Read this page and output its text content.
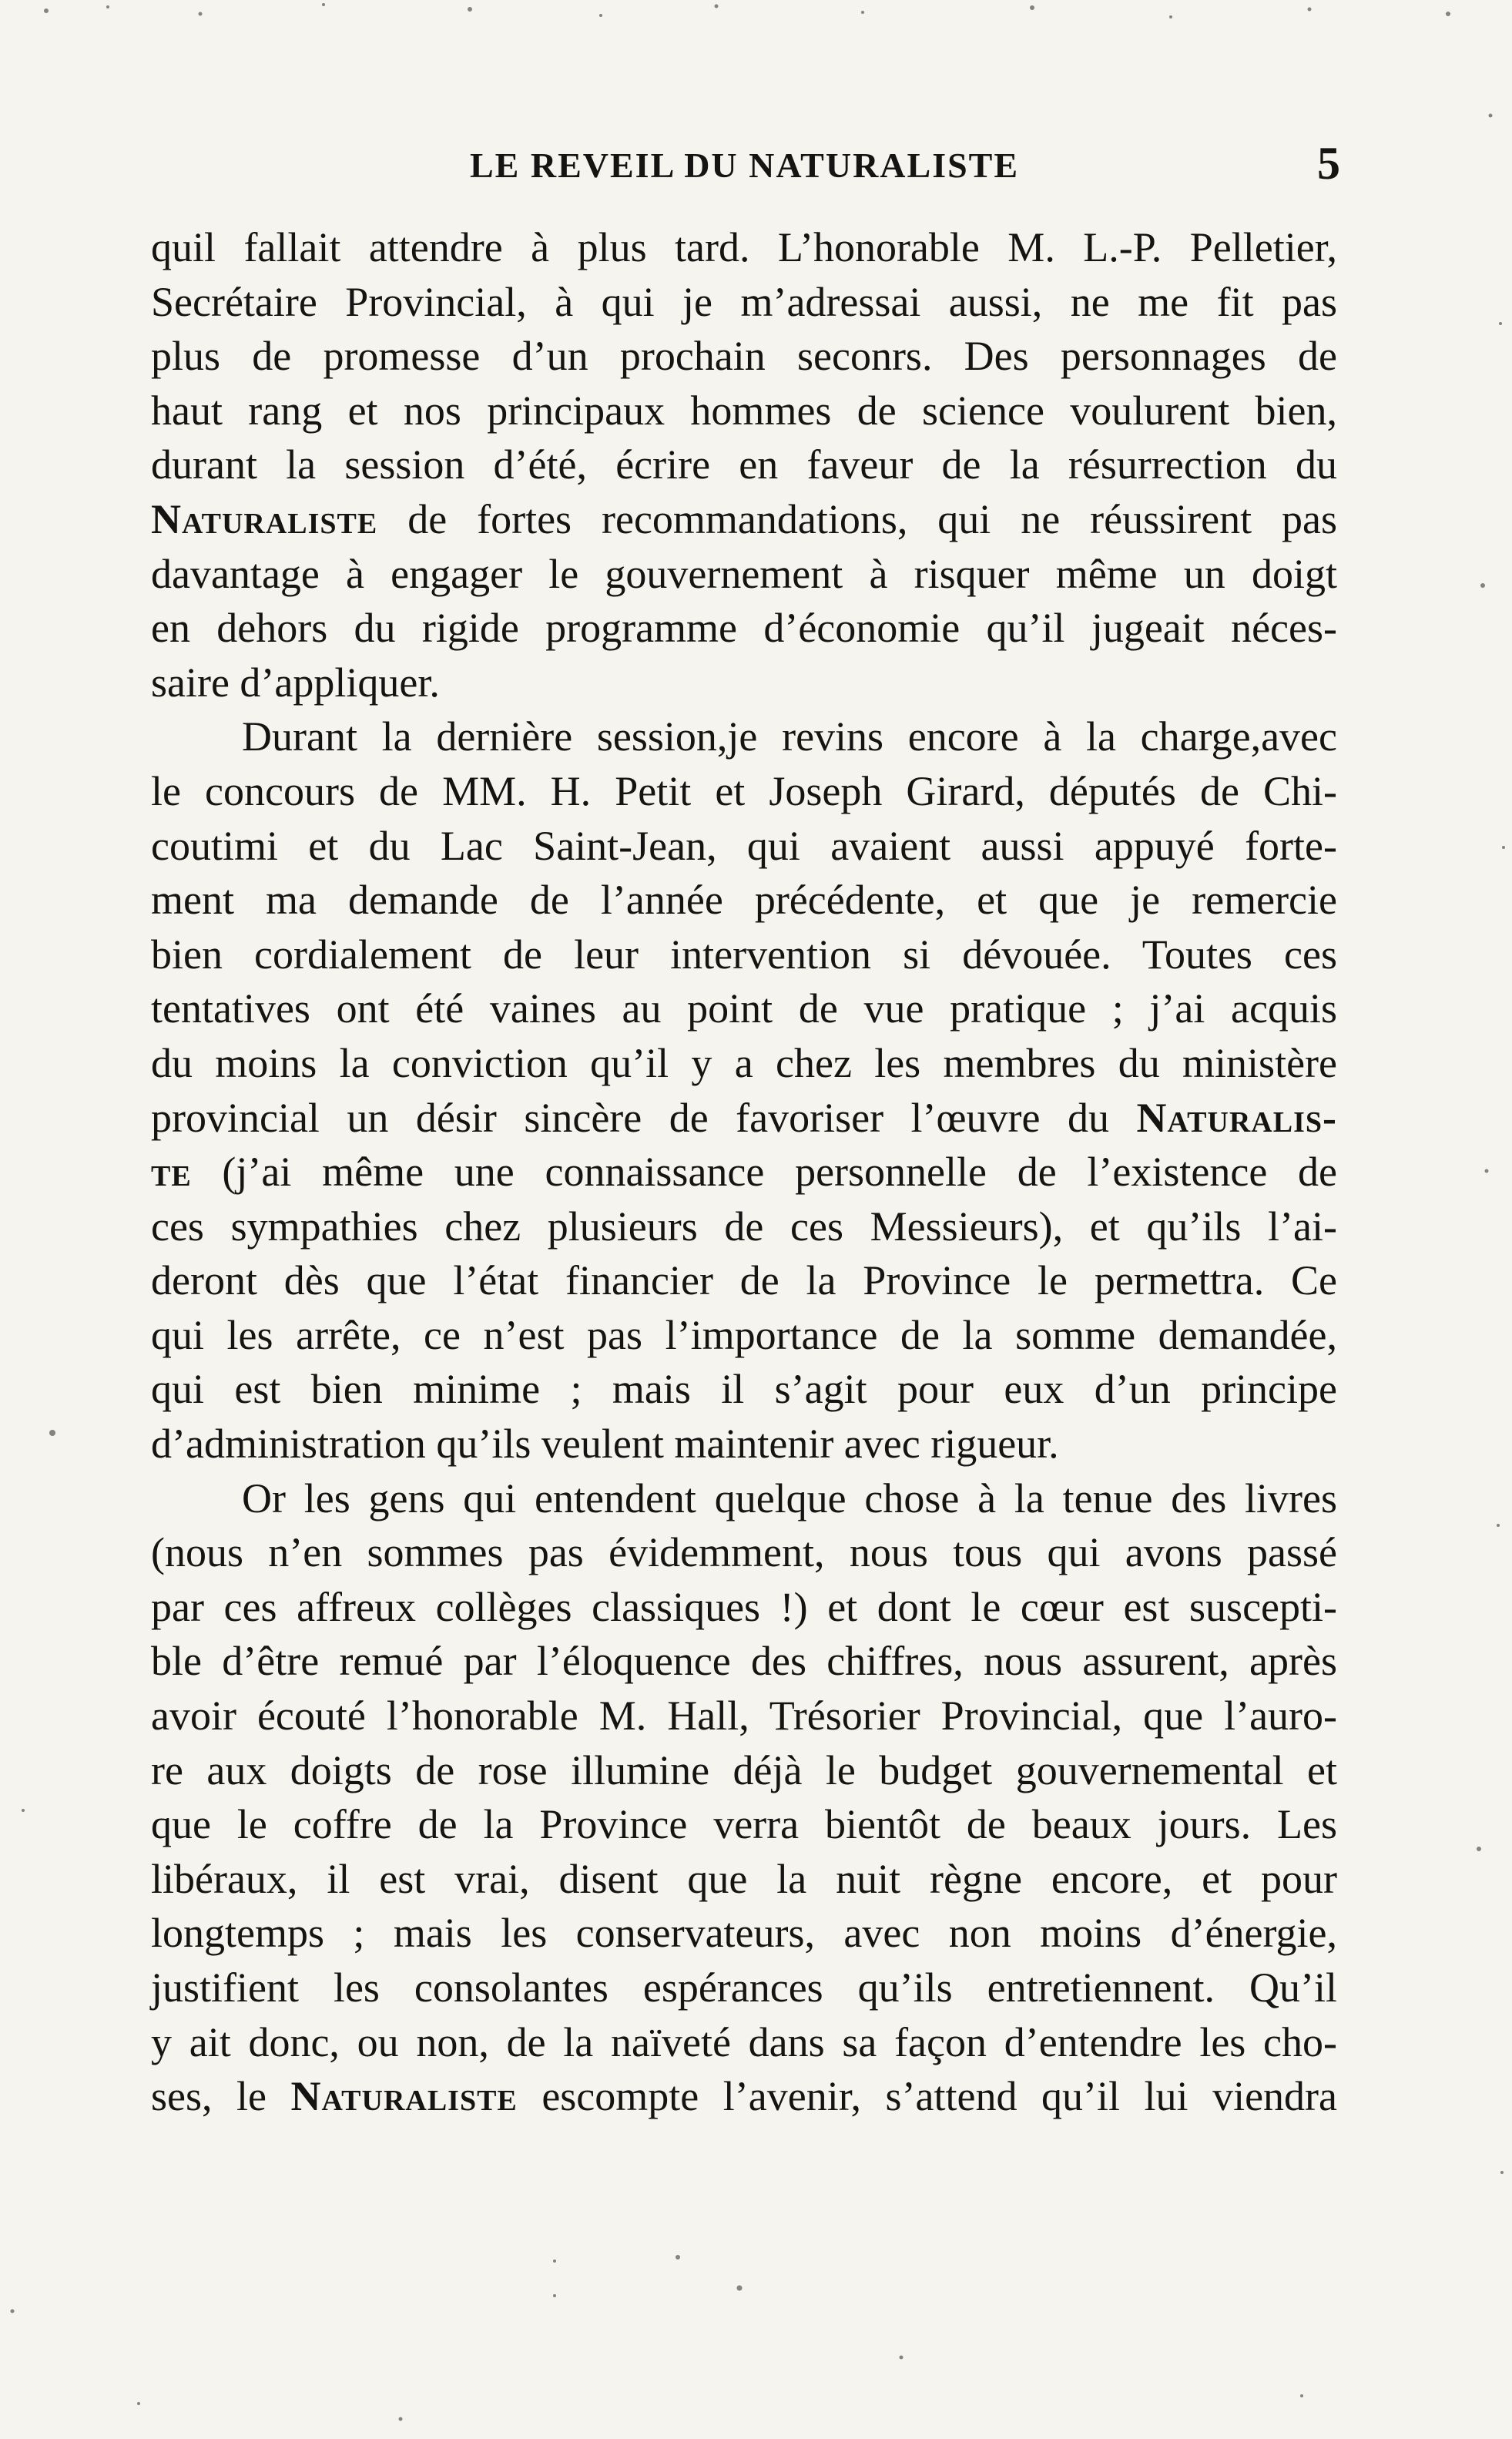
LE REVEIL DU NATURALISTE	5
quil fallait attendre à plus tard. L’honorable M. L.-P. Pelletier,
Secrétaire Provincial, à qui je m’adressai aussi, ne me fit pas
plus de promesse d’un prochain seconrs. Des personnages de
haut rang et nos principaux hommes de science voulurent bien,
durant la session d’été, écrire en faveur de la résurrection du
Naturaliste de fortes recommandations, qui ne réussirent pas
davantage à engager le gouvernement à risquer même un doigt
en dehors du rigide programme d’économie qu’il jugeait néces-
saire d’appliquer.
Durant la dernière session,je revins encore à la charge,avec
le concours de MM. H. Petit et Joseph Girard, députés de Chi-
coutimi et du Lac Saint-Jean, qui avaient aussi appuyé forte-
ment ma demande de l’année précédente, et que je remercie
bien cordialement de leur intervention si dévouée. Toutes ces
tentatives ont été vaines au point de vue pratique ; j’ai acquis
du moins la conviction qu’il y a chez les membres du ministère
provincial un désir sincère de favoriser l’œuvre du Naturalis-
te (j’ai même une connaissance personnelle de l’existence de
ces sympathies chez plusieurs de ces Messieurs), et qu’ils l’ai-
deront dès que l’état financier de la Province le permettra. Ce
qui les arrête, ce n’est pas l’importance de la somme demandée,
qui est bien minime ; mais il s’agit pour eux d’un principe
d’administration qu’ils veulent maintenir avec rigueur.
Or les gens qui entendent quelque chose à la tenue des livres
(nous n’en sommes pas évidemment, nous tous qui avons passé
par ces affreux collèges classiques !) et dont le cœur est suscepti-
ble d’être remué par l’éloquence des chiffres, nous assurent, après
avoir écouté l’honorable M. Hall, Trésorier Provincial, que l’auro-
re aux doigts de rose illumine déjà le budget gouvernemental et
que le coffre de la Province verra bientôt de beaux jours. Les
libéraux, il est vrai, disent que la nuit règne encore, et pour
longtemps ; mais les conservateurs, avec non moins d’énergie,
justifient les consolantes espérances qu’ils entretiennent. Qu’il
y ait donc, ou non, de la naïveté dans sa façon d’entendre les cho-
ses, le Naturaliste escompte l’avenir, s’attend qu’il lui viendra
